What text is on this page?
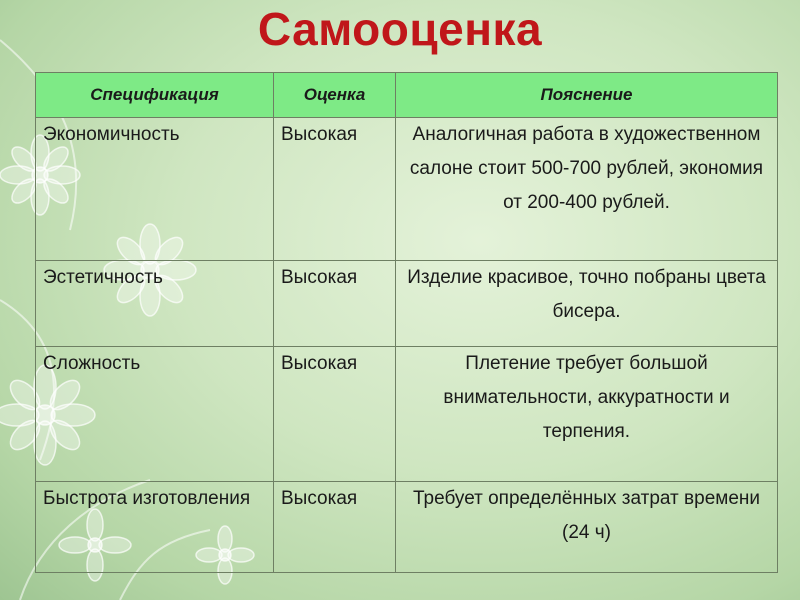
Самооценка
Спецификация	Оценка	Пояснение
Экономичность	Высокая	Аналогичная работа в художественном салоне стоит 500-700 рублей, экономия от 200-400 рублей.
Эстетичность	Высокая	Изделие красивое, точно побраны цвета бисера.
Сложность	Высокая	Плетение требует большой внимательности, аккуратности и терпения.
Быстрота изготовления	Высокая	Требует определённых затрат времени (24 ч)
